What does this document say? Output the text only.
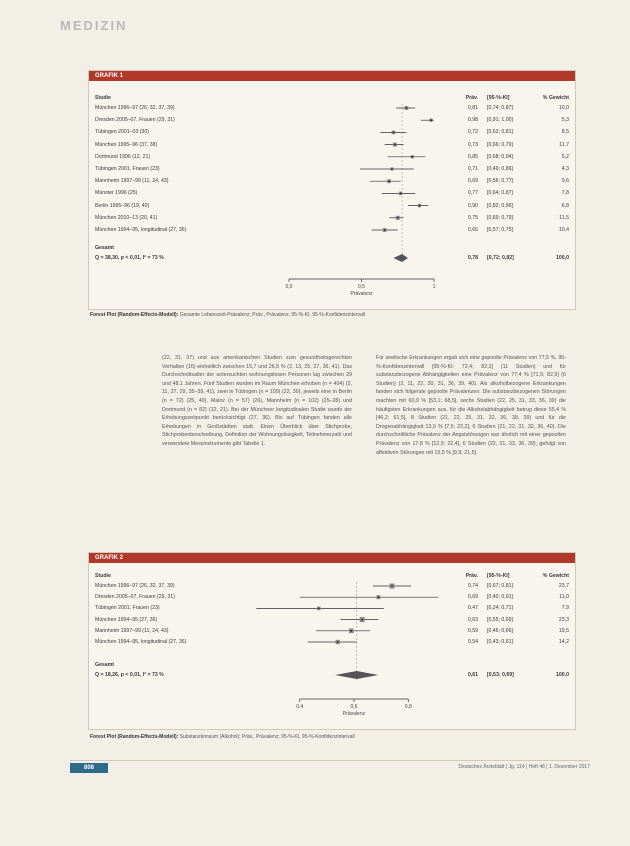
MEDIZIN
GRAFIK 1
Studie	Präv. [95-%-KI]	% Gewicht
München 1996–97 (26, 32, 37, 39)	0,81 [0,74; 0,87]	10,0
Dresden 2005–07, Frauen (29, 31)	0,98 [0,91; 1,00]	5,3
Tübingen 2001–03 (30)	0,72 [0,63; 0,81]	8,5
München 1995–96 (37, 38)	0,73 [0,66; 0,79]	11,7
Dortmund 1996 (12, 21)	0,85 [0,68; 0,94]	5,2
Tübingen 2001, Frauen (23)	0,71 [0,49; 0,86]	4,3
Mannheim 1997–99 (11, 24, 43)	0,69 [0,56; 0,77]	9,6
Münster 1996 (25)	0,77 [0,64; 0,87]	7,8
Berlin 1995–96 (19, 40)	0,90 [0,82; 0,96]	6,8
München 2010–13 (20, 41)	0,75 [0,69; 0,79]	11,5
München 1994–95, longitudinal (27, 36)	0,66 [0,57; 0,75]	10,4
Gesamt
Q = 38,30, p < 0,01, I² = 73 %	0,78 [0,72; 0,82]	100,0
0,0	0,5	1
Prävalenz
Forest Plot (Random-Effects-Modell): Gesamte Lebenszeit-Prävalenz; Präv., Prävalenz; 95-%-KI, 95-%-Konfidenzintervall
(22, 31, 37) und aus amerikanischen Studien zum gesundheitsgerechten Verhalten (16) einheitlich zwischen 15,7 und 26,5 % (2, 13, 25, 27, 36, 41). Das Durchschnittsalter der untersuchten wohnungslosen Personen lag zwischen 29 und 48,1 Jahren. Fünf Studien wurden im Raum München erhoben (n = 404) (2, 11, 27, 29, 35–39, 41), zwei in Tübingen (n = 109) (22, 30), jeweils eine in Berlin (n = 72) (25, 40), Mainz (n = 57) (26), Mannheim (n = 102) (25–28) und Dortmund (n = 82) (12, 21). Bei der Münchner longitudinalen Studie wurde der Erhebungszeitpunkt berücksichtigt (27, 36). Bis auf Tübingen fanden alle Erhebungen in Großstädten statt. Einen Überblick über Stichprobe, Stichprobenbeschreibung, Definition der Wohnungslosigkeit, Teilnehmerzahl und verwendete Messinstrumente gibt Tabelle 1.
Für seelische Erkrankungen ergab sich eine gepoolte Prävalenz von 77,5 %, 95-%-Konfidenzintervall [95-%-KI: 72,4; 82,2] (11 Studien) und für substanzbezogene Abhängigkeiten eine Prävalenz von 77,4 % [71,5; 82,9] (6 Studien) (2, 11, 22, 30, 31, 36, 39, 40). Als alkoholbezogene Erkrankungen fanden sich folgende gepoolte Prävalenzen: Die substanzbezogenen Störungen machten mit 60,9 % [53,1; 68,5], sechs Studien (22, 25, 31, 33, 36, 39) die häufigsten Erkrankungen aus, für die Alkoholabhängigkeit betrug diese 55,4 % [46,2; 61,5], 8 Studien (21, 22, 25, 31, 32, 36, 38, 39) und für die Drogenabhängigkeit 13,9 % [7,5; 22,2], 6 Studien (21, 22, 31, 32, 36, 40). Die durchschnittliche Prävalenz der Angststörungen war ähnlich mit einer gepoolten Prävalenz von 17,8 % [12,9; 22,4], 6 Studien (22, 31, 33, 36, 39), gefolgt von affektiven Störungen mit 15,5 % [9,9; 21,5].
GRAFIK 2
Studie	Präv. [95-%-KI]	% Gewicht
München 1996–97 (26, 32, 37, 39)	0,74 [0,67; 0,81]	23,7
Dresden 2005–07, Frauen (29, 31)	0,69 [0,40; 0,91]	11,0
Tübingen 2001, Frauen (23)	0,47 [0,24; 0,71]	7,9
München 1994–95 (27, 36)	0,63 [0,55; 0,69]	23,3
Mannheim 1997–99 (11, 24, 43)	0,59 [0,46; 0,66]	19,5
München 1994–95, longitudinal (27, 36)	0,54 [0,43; 0,61]	14,2
Gesamt
Q = 18,26, p < 0,01, I² = 73 %	0,61 [0,53; 0,69]	100,0
0,4	0,6	0,8
Prävalenz
Forest Plot (Random-Effects-Modell): Substanzkonsum (Alkohol); Präv., Prävalenz; 95-%-KI, 95-%-Konfidenzintervall
808	Deutsches Ärzteblatt | Jg. 114 | Heft 48 | 1. Dezember 2017
